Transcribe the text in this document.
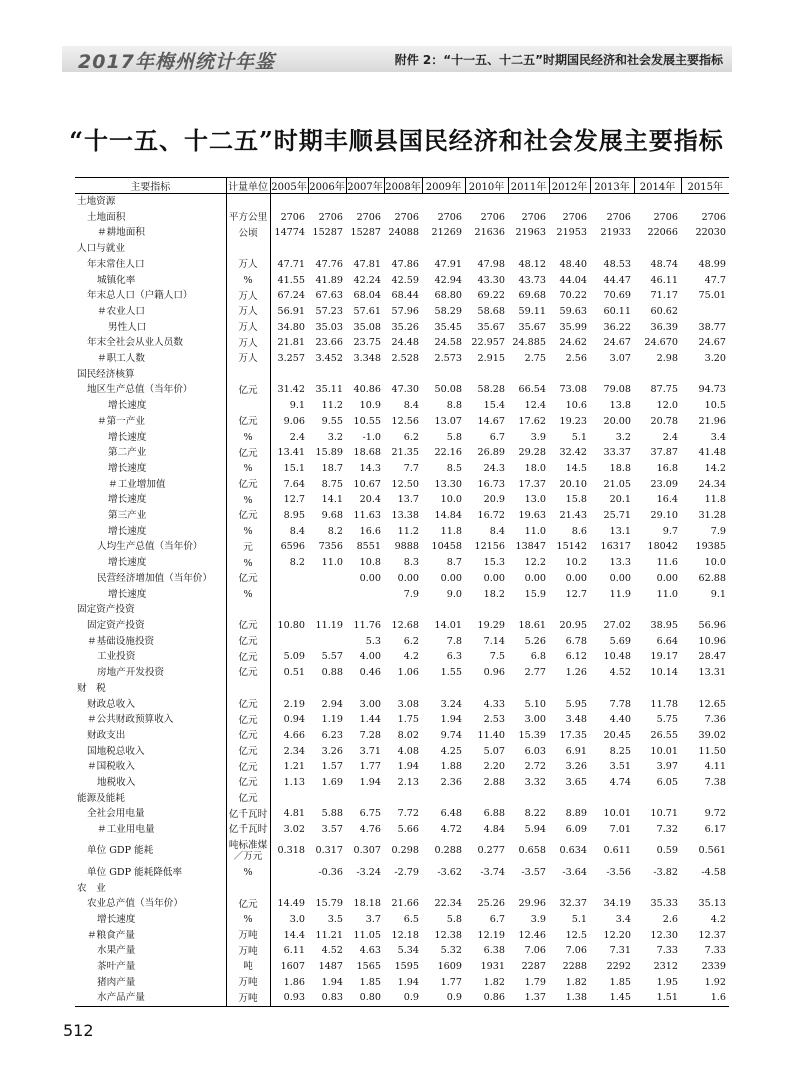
2017年梅州统计年鉴	附件 2：“十一五、十二五”时期国民经济和社会发展主要指标
“十一五、十二五”时期丰顺县国民经济和社会发展主要指标
主要指标	计量单位	2005年	2006年	2007年	2008年	2009年	2010年	2011年	2012年	2013年	2014年	2015年
土地资源												
土地面积	平方公里	2706	2706	2706	2706	2706	2706	2706	2706	2706	2706	2706
＃耕地面积	公顷	14774	15287	15287	24088	21269	21636	21963	21953	21933	22066	22030
人口与就业												
年末常住人口	万人	47.71	47.76	47.81	47.86	47.91	47.98	48.12	48.40	48.53	48.74	48.99
城镇化率	%	41.55	41.89	42.24	42.59	42.94	43.30	43.73	44.04	44.47	46.11	47.7
年末总人口（户籍人口）	万人	67.24	67.63	68.04	68.44	68.80	69.22	69.68	70.22	70.69	71.17	75.01
＃农业人口	万人	56.91	57.23	57.61	57.96	58.29	58.68	59.11	59.63	60.11	60.62	
男性人口	万人	34.80	35.03	35.08	35.26	35.45	35.67	35.67	35.99	36.22	36.39	38.77
年末全社会从业人员数	万人	21.81	23.66	23.75	24.48	24.58	22.957	24.885	24.62	24.67	24.670	24.67
＃职工人数	万人	3.257	3.452	3.348	2.528	2.573	2.915	2.75	2.56	3.07	2.98	3.20
国民经济核算												
地区生产总值（当年价）	亿元	31.42	35.11	40.86	47.30	50.08	58.28	66.54	73.08	79.08	87.75	94.73
增长速度		9.1	11.2	10.9	8.4	8.8	15.4	12.4	10.6	13.8	12.0	10.5
＃第一产业	亿元	9.06	9.55	10.55	12.56	13.07	14.67	17.62	19.23	20.00	20.78	21.96
增长速度	%	2.4	3.2	-1.0	6.2	5.8	6.7	3.9	5.1	3.2	2.4	3.4
第二产业	亿元	13.41	15.89	18.68	21.35	22.16	26.89	29.28	32.42	33.37	37.87	41.48
增长速度	%	15.1	18.7	14.3	7.7	8.5	24.3	18.0	14.5	18.8	16.8	14.2
＃工业增加值	亿元	7.64	8.75	10.67	12.50	13.30	16.73	17.37	20.10	21.05	23.09	24.34
增长速度	%	12.7	14.1	20.4	13.7	10.0	20.9	13.0	15.8	20.1	16.4	11.8
第三产业	亿元	8.95	9.68	11.63	13.38	14.84	16.72	19.63	21.43	25.71	29.10	31.28
增长速度	%	8.4	8.2	16.6	11.2	11.8	8.4	11.0	8.6	13.1	9.7	7.9
人均生产总值（当年价）	元	6596	7356	8551	9888	10458	12156	13847	15142	16317	18042	19385
增长速度	%	8.2	11.0	10.8	8.3	8.7	15.3	12.2	10.2	13.3	11.6	10.0
民营经济增加值（当年价）	亿元			0.00	0.00	0.00	0.00	0.00	0.00	0.00	0.00	62.88
增长速度	%				7.9	9.0	18.2	15.9	12.7	11.9	11.0	9.1
固定资产投资												
固定资产投资	亿元	10.80	11.19	11.76	12.68	14.01	19.29	18.61	20.95	27.02	38.95	56.96
＃基础设施投资	亿元			5.3	6.2	7.8	7.14	5.26	6.78	5.69	6.64	10.96
工业投资	亿元	5.09	5.57	4.00	4.2	6.3	7.5	6.8	6.12	10.48	19.17	28.47
房地产开发投资	亿元	0.51	0.88	0.46	1.06	1.55	0.96	2.77	1.26	4.52	10.14	13.31
财　税												
财政总收入	亿元	2.19	2.94	3.00	3.08	3.24	4.33	5.10	5.95	7.78	11.78	12.65
＃公共财政预算收入	亿元	0.94	1.19	1.44	1.75	1.94	2.53	3.00	3.48	4.40	5.75	7.36
财政支出	亿元	4.66	6.23	7.28	8.02	9.74	11.40	15.39	17.35	20.45	26.55	39.02
国地税总收入	亿元	2.34	3.26	3.71	4.08	4.25	5.07	6.03	6.91	8.25	10.01	11.50
＃国税收入	亿元	1.21	1.57	1.77	1.94	1.88	2.20	2.72	3.26	3.51	3.97	4.11
地税收入	亿元	1.13	1.69	1.94	2.13	2.36	2.88	3.32	3.65	4.74	6.05	7.38
能源及能耗	亿元											
全社会用电量	亿千瓦时	4.81	5.88	6.75	7.72	6.48	6.88	8.22	8.89	10.01	10.71	9.72
＃工业用电量	亿千瓦时	3.02	3.57	4.76	5.66	4.72	4.84	5.94	6.09	7.01	7.32	6.17
单位 GDP 能耗	吨标准煤／万元	0.318	0.317	0.307	0.298	0.288	0.277	0.658	0.634	0.611	0.59	0.561
单位 GDP 能耗降低率	%		-0.36	-3.24	-2.79	-3.62	-3.74	-3.57	-3.64	-3.56	-3.82	-4.58
农　业												
农业总产值（当年价）	亿元	14.49	15.79	18.18	21.66	22.34	25.26	29.96	32.37	34.19	35.33	35.13
增长速度	%	3.0	3.5	3.7	6.5	5.8	6.7	3.9	5.1	3.4	2.6	4.2
＃粮食产量	万吨	14.4	11.21	11.05	12.18	12.38	12.19	12.46	12.5	12.20	12.30	12.37
水果产量	万吨	6.11	4.52	4.63	5.34	5.32	6.38	7.06	7.06	7.31	7.33	7.33
茶叶产量	吨	1607	1487	1565	1595	1609	1931	2287	2288	2292	2312	2339
猪肉产量	万吨	1.86	1.94	1.85	1.94	1.77	1.82	1.79	1.82	1.85	1.95	1.92
水产品产量	万吨	0.93	0.83	0.80	0.9	0.9	0.86	1.37	1.38	1.45	1.51	1.6
512
